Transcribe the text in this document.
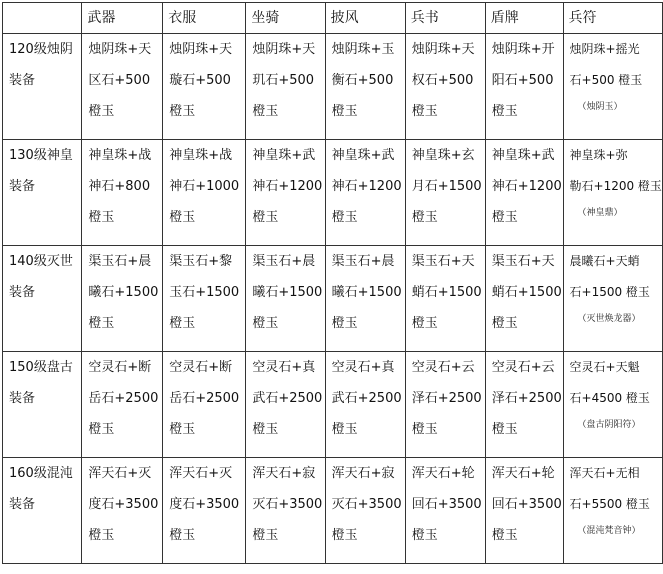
	武器	衣服	坐骑	披风	兵书	盾牌	兵符

120级烛阴
装备	烛阴珠+天
区石+500
橙玉	烛阴珠+天
璇石+500
橙玉	烛阴珠+天
玑石+500
橙玉	烛阴珠+玉
衡石+500
橙玉	烛阴珠+天
权石+500
橙玉	烛阴珠+开
阳石+500
橙玉	烛阴珠+摇光
石+500 橙玉
（烛阴玉）

130级神皇
装备	神皇珠+战
神石+800
橙玉	神皇珠+战
神石+1000
橙玉	神皇珠+武
神石+1200
橙玉	神皇珠+武
神石+1200
橙玉	神皇珠+玄
月石+1500
橙玉	神皇珠+武
神石+1200
橙玉	神皇珠+弥
勒石+1200 橙玉
（神皇鼎）

140级灭世
装备	渠玉石+晨
曦石+1500
橙玉	渠玉石+黎
玉石+1500
橙玉	渠玉石+晨
曦石+1500
橙玉	渠玉石+晨
曦石+1500
橙玉	渠玉石+天
蛸石+1500
橙玉	渠玉石+天
蛸石+1500
橙玉	晨曦石+天蛸
石+1500 橙玉
（灭世焕龙器）

150级盘古
装备	空灵石+断
岳石+2500
橙玉	空灵石+断
岳石+2500
橙玉	空灵石+真
武石+2500
橙玉	空灵石+真
武石+2500
橙玉	空灵石+云
泽石+2500
橙玉	空灵石+云
泽石+2500
橙玉	空灵石+天魁
石+4500 橙玉
（盘古阴阳符）

160级混沌
装备	浑天石+灭
度石+3500
橙玉	浑天石+灭
度石+3500
橙玉	浑天石+寂
灭石+3500
橙玉	浑天石+寂
灭石+3500
橙玉	浑天石+轮
回石+3500
橙玉	浑天石+轮
回石+3500
橙玉	浑天石+无相
石+5500 橙玉
（混沌梵音钟）
